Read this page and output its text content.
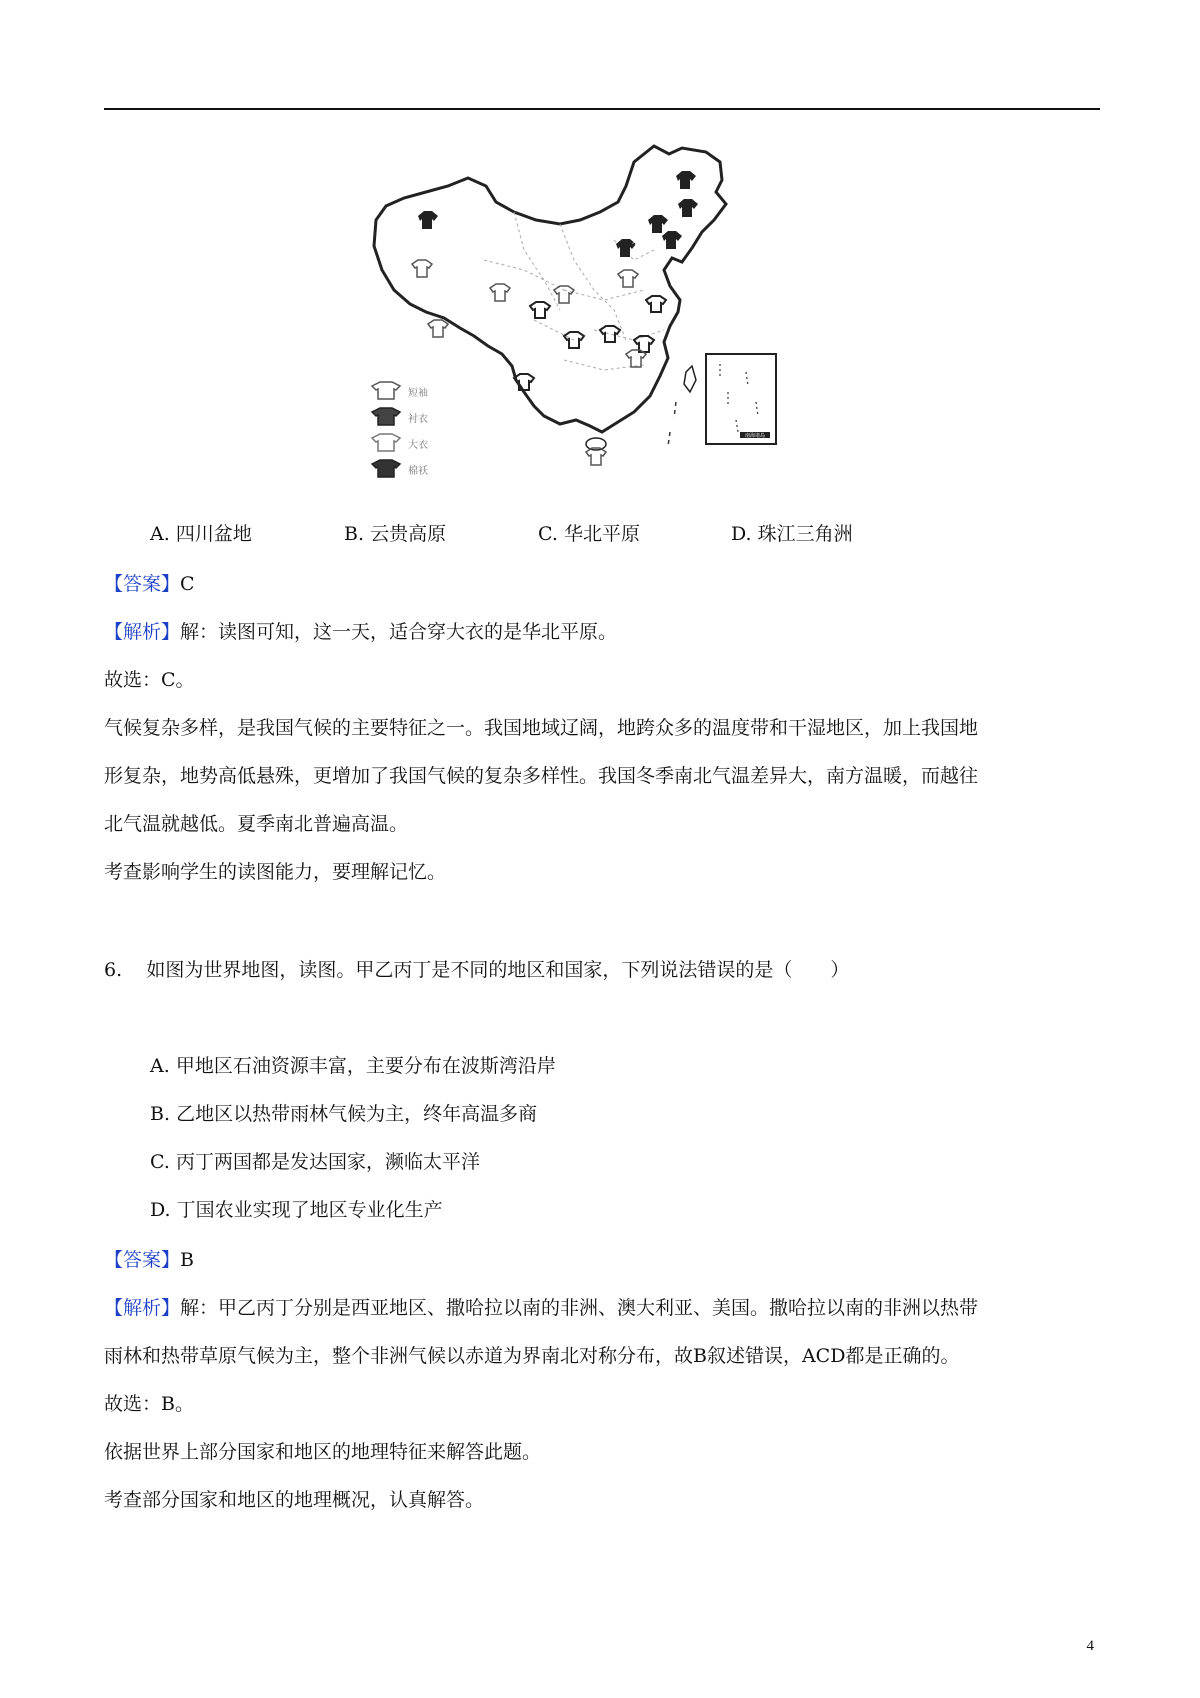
南海诸岛
北京
短袖
衬衣
大衣
棉袄
A. 四川盆地	B. 云贵高原	C. 华北平原	D. 珠江三角洲
【答案】C
【解析】解：读图可知，这一天，适合穿大衣的是华北平原。
故选：C。
气候复杂多样，是我国气候的主要特征之一。我国地域辽阔，地跨众多的温度带和干湿地区，加上我国地
形复杂，地势高低悬殊，更增加了我国气候的复杂多样性。我国冬季南北气温差异大，南方温暖，而越往
北气温就越低。夏季南北普遍高温。
考查影响学生的读图能力，要理解记忆。
6. 如图为世界地图，读图。甲乙丙丁是不同的地区和国家，下列说法错误的是（　　）
A. 甲地区石油资源丰富，主要分布在波斯湾沿岸
B. 乙地区以热带雨林气候为主，终年高温多商
C. 丙丁两国都是发达国家，濒临太平洋
D. 丁国农业实现了地区专业化生产
【答案】B
【解析】解：甲乙丙丁分别是西亚地区、撒哈拉以南的非洲、澳大利亚、美国。撒哈拉以南的非洲以热带
雨林和热带草原气候为主，整个非洲气候以赤道为界南北对称分布，故B叙述错误，ACD都是正确的。
故选：B。
依据世界上部分国家和地区的地理特征来解答此题。
考查部分国家和地区的地理概况，认真解答。
4
